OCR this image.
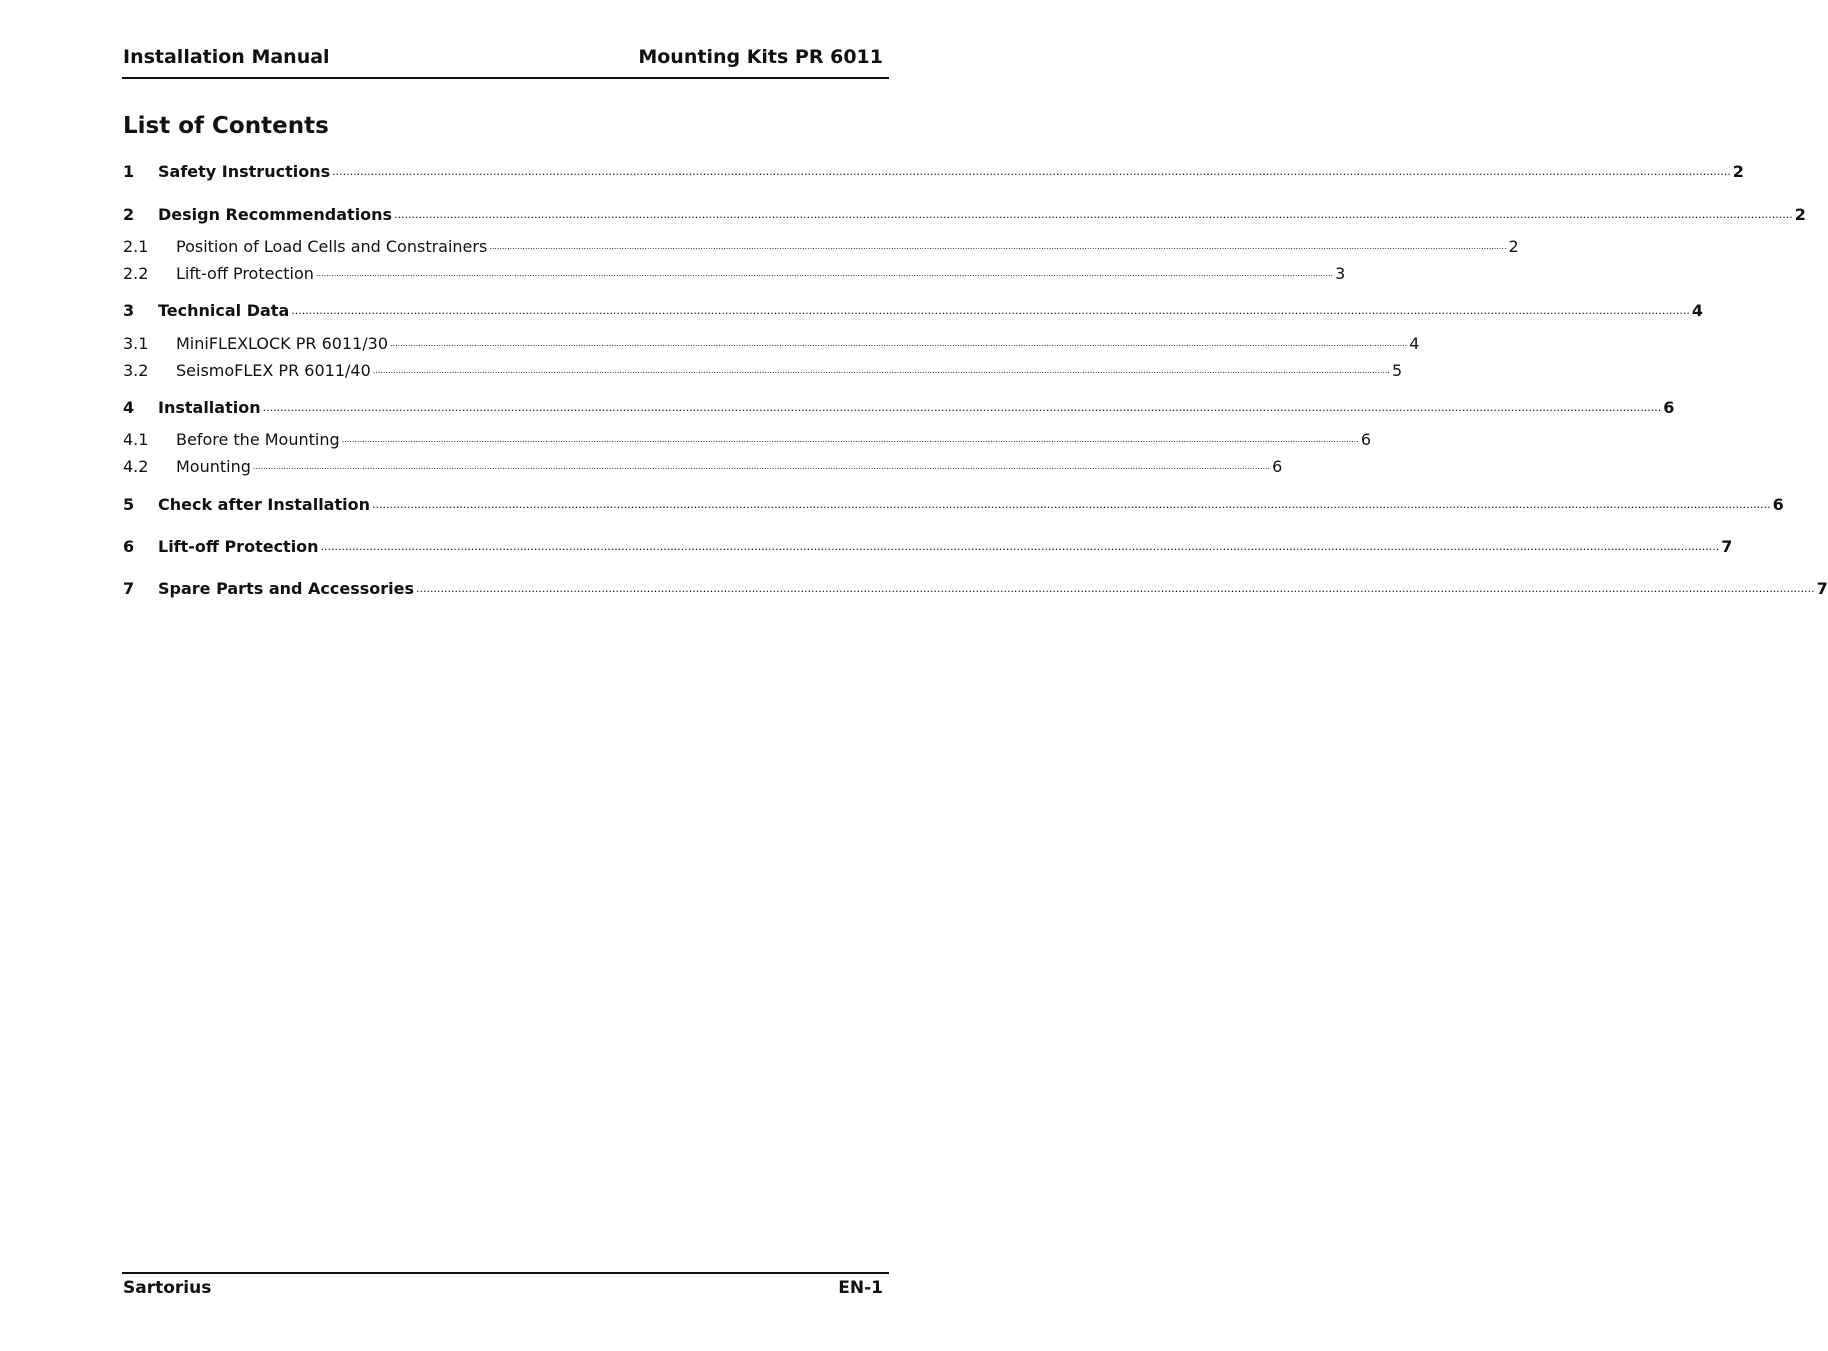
Installation Manual	Mounting Kits PR 6011
List of Contents
1	Safety Instructions ................................................................................................................................................................................................................................................................................................................................................................................................................ 2
2	Design Recommendations ................................................................................................................................................................................................................................................................................................................................................................................................................ 2
2.1	Position of Load Cells and Constrainers ................................................................................................................................................................................................................................................................................................................................................................................................................ 2
2.2	Lift-off Protection ................................................................................................................................................................................................................................................................................................................................................................................................................ 3
3	Technical Data ................................................................................................................................................................................................................................................................................................................................................................................................................ 4
3.1	MiniFLEXLOCK PR 6011/30 ................................................................................................................................................................................................................................................................................................................................................................................................................ 4
3.2	SeismoFLEX PR 6011/40 ................................................................................................................................................................................................................................................................................................................................................................................................................ 5
4	Installation ................................................................................................................................................................................................................................................................................................................................................................................................................ 6
4.1	Before the Mounting ................................................................................................................................................................................................................................................................................................................................................................................................................ 6
4.2	Mounting ................................................................................................................................................................................................................................................................................................................................................................................................................ 6
5	Check after Installation ................................................................................................................................................................................................................................................................................................................................................................................................................ 6
6	Lift-off Protection ................................................................................................................................................................................................................................................................................................................................................................................................................ 7
7	Spare Parts and Accessories ................................................................................................................................................................................................................................................................................................................................................................................................................ 7
Sartorius	EN-1
